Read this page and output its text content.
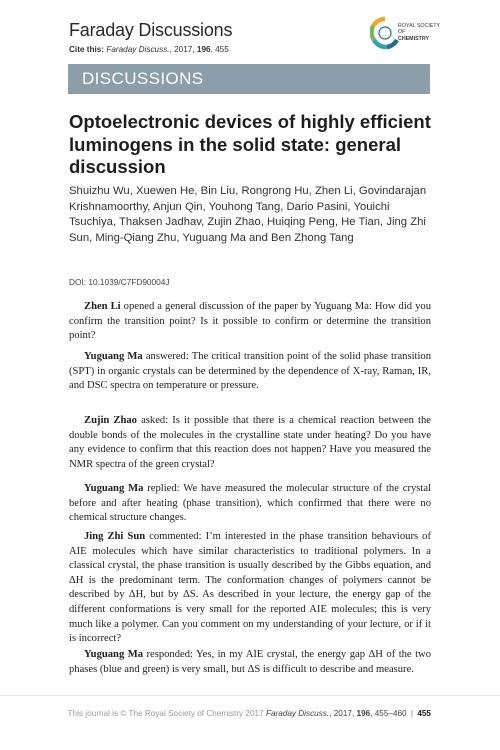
Faraday Discussions
Cite this: Faraday Discuss., 2017, 196, 455
ROYAL SOCIETY
OF
CHEMISTRY
DISCUSSIONS
Optoelectronic devices of highly efficient luminogens in the solid state: general discussion

Shuizhu Wu, Xuewen He, Bin Liu, Rongrong Hu, Zhen Li, Govindarajan Krishnamoorthy, Anjun Qin, Youhong Tang, Dario Pasini, Youichi Tsuchiya, Thaksen Jadhav, Zujin Zhao, Huiqing Peng, He Tian, Jing Zhi Sun, Ming-Qiang Zhu, Yuguang Ma and Ben Zhong Tang

DOI: 10.1039/C7FD90004J

Zhen Li opened a general discussion of the paper by Yuguang Ma: How did you confirm the transition point? Is it possible to confirm or determine the transition point?

Yuguang Ma answered: The critical transition point of the solid phase transition (SPT) in organic crystals can be determined by the dependence of X-ray, Raman, IR, and DSC spectra on temperature or pressure.

Zujin Zhao asked: Is it possible that there is a chemical reaction between the double bonds of the molecules in the crystalline state under heating? Do you have any evidence to confirm that this reaction does not happen? Have you measured the NMR spectra of the green crystal?

Yuguang Ma replied: We have measured the molecular structure of the crystal before and after heating (phase transition), which confirmed that there were no chemical structure changes.

Jing Zhi Sun commented: I’m interested in the phase transition behaviours of AIE molecules which have similar characteristics to traditional polymers. In a classical crystal, the phase transition is usually described by the Gibbs equation, and ΔH is the predominant term. The conformation changes of polymers cannot be described by ΔH, but by ΔS. As described in your lecture, the energy gap of the different conformations is very small for the reported AIE molecules; this is very much like a polymer. Can you comment on my understanding of your lecture, or if it is incorrect?

Yuguang Ma responded: Yes, in my AIE crystal, the energy gap ΔH of the two phases (blue and green) is very small, but ΔS is difficult to describe and measure.

This journal is © The Royal Society of Chemistry 2017 Faraday Discuss., 2017, 196, 455–460 | 455
